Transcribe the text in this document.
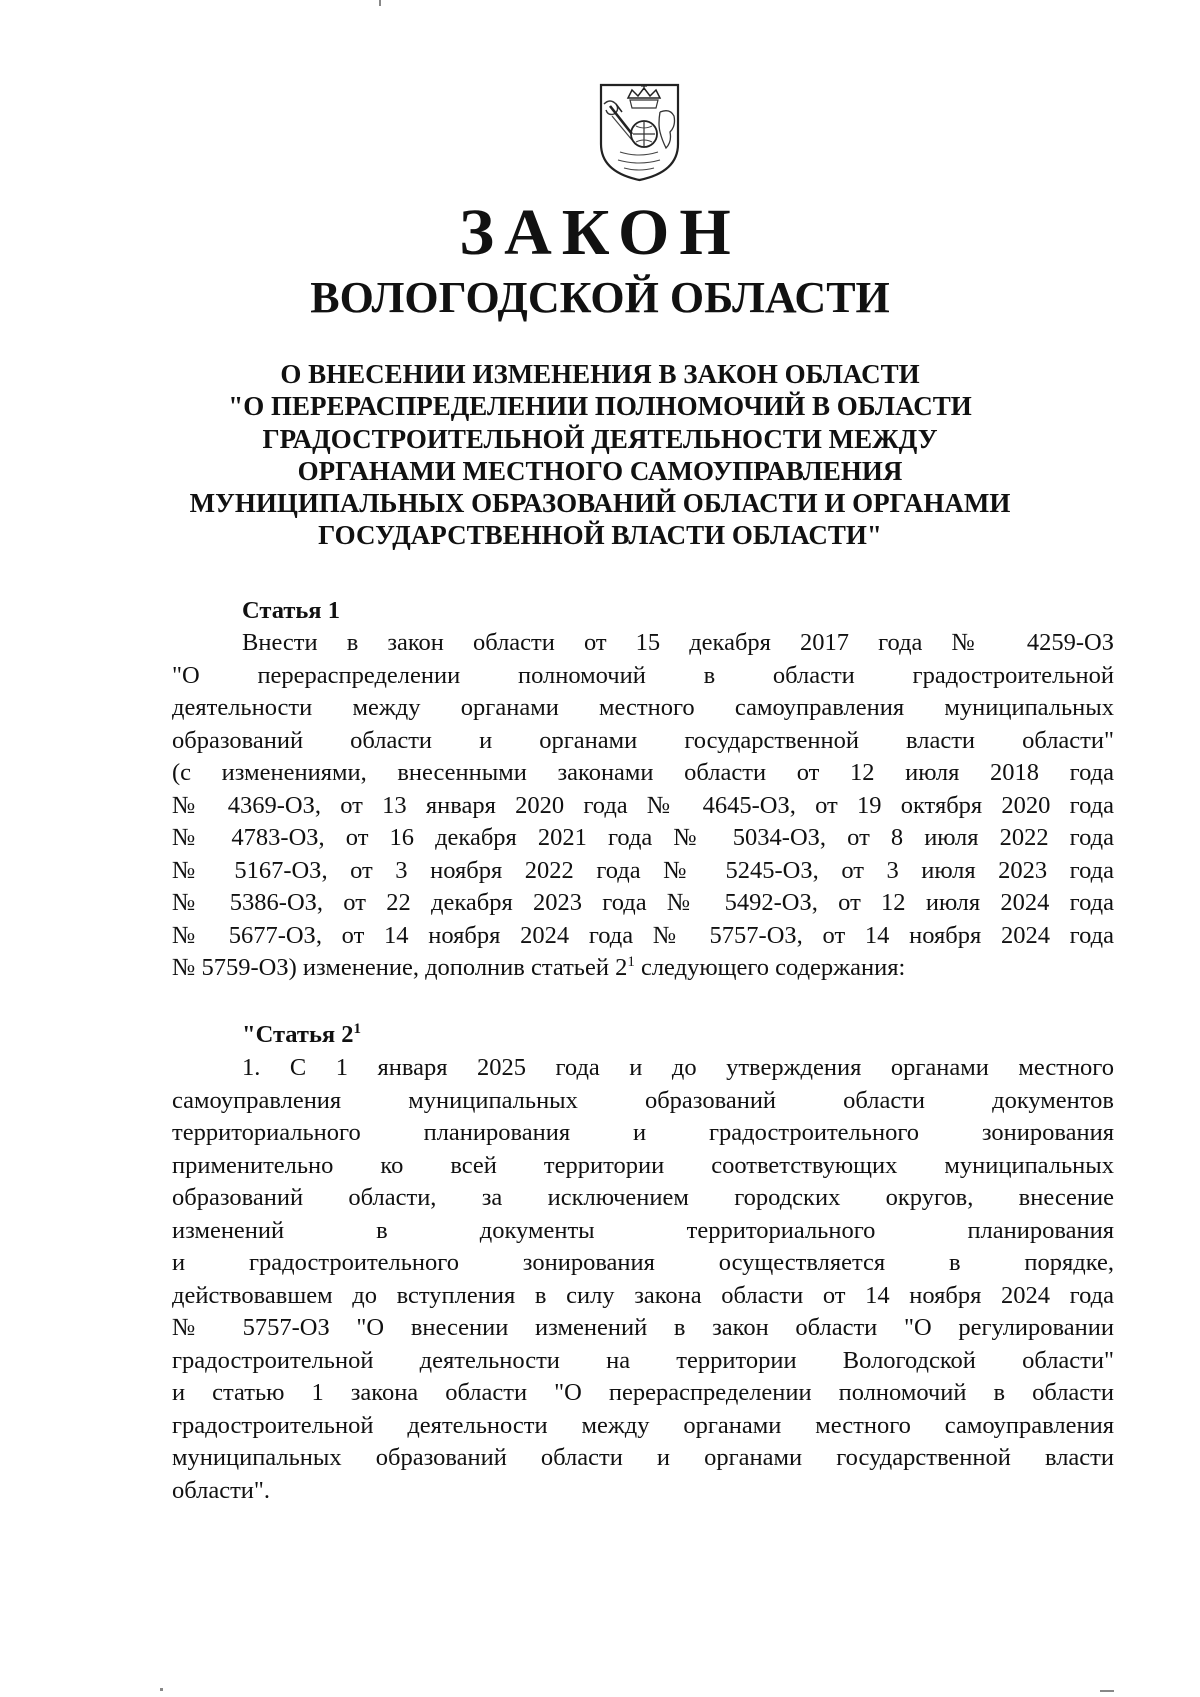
ЗАКОН
ВОЛОГОДСКОЙ ОБЛАСТИ
О ВНЕСЕНИИ ИЗМЕНЕНИЯ В ЗАКОН ОБЛАСТИ
"О ПЕРЕРАСПРЕДЕЛЕНИИ ПОЛНОМОЧИЙ В ОБЛАСТИ
ГРАДОСТРОИТЕЛЬНОЙ ДЕЯТЕЛЬНОСТИ МЕЖДУ
ОРГАНАМИ МЕСТНОГО САМОУПРАВЛЕНИЯ
МУНИЦИПАЛЬНЫХ ОБРАЗОВАНИЙ ОБЛАСТИ И ОРГАНАМИ
ГОСУДАРСТВЕННОЙ ВЛАСТИ ОБЛАСТИ"
Статья 1
Внести в закон области от 15 декабря 2017 года № 4259-ОЗ
"О перераспределении полномочий в области градостроительной
деятельности между органами местного самоуправления муниципальных
образований области и органами государственной власти области"
(с изменениями, внесенными законами области от 12 июля 2018 года
№ 4369-ОЗ, от 13 января 2020 года № 4645-ОЗ, от 19 октября 2020 года
№ 4783-ОЗ, от 16 декабря 2021 года № 5034-ОЗ, от 8 июля 2022 года
№ 5167-ОЗ, от 3 ноября 2022 года № 5245-ОЗ, от 3 июля 2023 года
№ 5386-ОЗ, от 22 декабря 2023 года № 5492-ОЗ, от 12 июля 2024 года
№ 5677-ОЗ, от 14 ноября 2024 года № 5757-ОЗ, от 14 ноября 2024 года
№ 5759-ОЗ) изменение, дополнив статьей $2^1$ следующего содержания:
"Статья $2^1$
1. С 1 января 2025 года и до утверждения органами местного
самоуправления муниципальных образований области документов
территориального планирования и градостроительного зонирования
применительно ко всей территории соответствующих муниципальных
образований области, за исключением городских округов, внесение
изменений в документы территориального планирования
и градостроительного зонирования осуществляется в порядке,
действовавшем до вступления в силу закона области от 14 ноября 2024 года
№ 5757-ОЗ "О внесении изменений в закон области "О регулировании
градостроительной деятельности на территории Вологодской области"
и статью 1 закона области "О перераспределении полномочий в области
градостроительной деятельности между органами местного самоуправления
муниципальных образований области и органами государственной власти
области".
